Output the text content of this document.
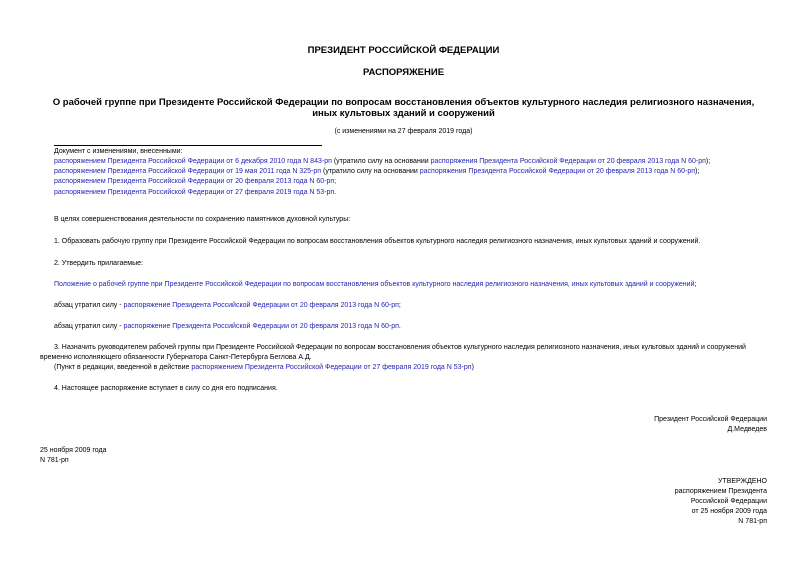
ПРЕЗИДЕНТ РОССИЙСКОЙ ФЕДЕРАЦИИ
РАСПОРЯЖЕНИЕ
О рабочей группе при Президенте Российской Федерации по вопросам восстановления объектов культурного наследия религиозного назначения, иных культовых зданий и сооружений
(с изменениями на 27 февраля 2019 года)
Документ с изменениями, внесенными:
распоряжением Президента Российской Федерации от 6 декабря 2010 года N 843-рп (утратило силу на основании распоряжения Президента Российской Федерации от 20 февраля 2013 года N 60-рп);
распоряжением Президента Российской Федерации от 19 мая 2011 года N 325-рп (утратило силу на основании распоряжения Президента Российской Федерации от 20 февраля 2013 года N 60-рп);
распоряжением Президента Российской Федерации от 20 февраля 2013 года N 60-рп;
распоряжением Президента Российской Федерации от 27 февраля 2019 года N 53-рп.
В целях совершенствования деятельности по сохранению памятников духовной культуры:
1. Образовать рабочую группу при Президенте Российской Федерации по вопросам восстановления объектов культурного наследия религиозного назначения, иных культовых зданий и сооружений.
2. Утвердить прилагаемые:
Положение о рабочей группе при Президенте Российской Федерации по вопросам восстановления объектов культурного наследия религиозного назначения, иных культовых зданий и сооружений;
абзац утратил силу - распоряжение Президента Российской Федерации от 20 февраля 2013 года N 60-рп;
абзац утратил силу - распоряжение Президента Российской Федерации от 20 февраля 2013 года N 60-рп.
3. Назначить руководителем рабочей группы при Президенте Российской Федерации по вопросам восстановления объектов культурного наследия религиозного назначения, иных культовых зданий и сооружений
временно исполняющего обязанности Губернатора Санкт-Петербурга Беглова А.Д.
(Пункт в редакции, введенной в действие распоряжением Президента Российской Федерации от 27 февраля 2019 года N 53-рп)
4. Настоящее распоряжение вступает в силу со дня его подписания.
Президент Российской Федерации
Д.Медведев
25 ноября 2009 года
N 781-рп
УТВЕРЖДЕНО
распоряжением Президента
Российской Федерации
от 25 ноября 2009 года
N 781-рп
